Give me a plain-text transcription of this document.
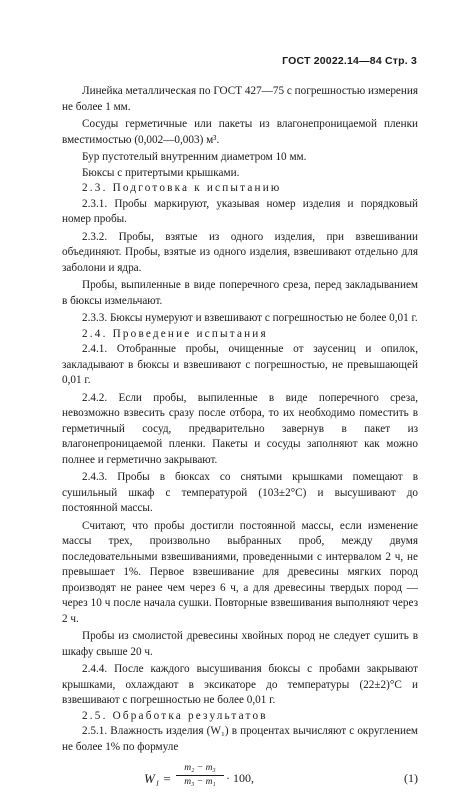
ГОСТ 20022.14—84 Стр. 3

Линейка металлическая по ГОСТ 427—75 с погрешностью измерения не более 1 мм.

Сосуды герметичные или пакеты из влагонепроницаемой пленки вместимостью (0,002—0,003) м³.

Бур пустотелый внутренним диаметром 10 мм.

Бюксы с притертыми крышками.

2.3. Подготовка к испытанию

2.3.1. Пробы маркируют, указывая номер изделия и порядковый номер пробы.

2.3.2. Пробы, взятые из одного изделия, при взвешивании объединяют. Пробы, взятые из одного изделия, взвешивают отдельно для заболони и ядра.

Пробы, выпиленные в виде поперечного среза, перед закладыванием в бюксы измельчают.

2.3.3. Бюксы нумеруют и взвешивают с погрешностью не более 0,01 г.

2.4. Проведение испытания

2.4.1. Отобранные пробы, очищенные от заусениц и опилок, закладывают в бюксы и взвешивают с погрешностью, не превышающей 0,01 г.

2.4.2. Если пробы, выпиленные в виде поперечного среза, невозможно взвесить сразу после отбора, то их необходимо поместить в герметичный сосуд, предварительно завернув в пакет из влагонепроницаемой пленки. Пакеты и сосуды заполняют как можно полнее и герметично закрывают.

2.4.3. Пробы в бюксах со снятыми крышками помещают в сушильный шкаф с температурой (103±2°С) и высушивают до постоянной массы.

Считают, что пробы достигли постоянной массы, если изменение массы трех, произвольно выбранных проб, между двумя последовательными взвешиваниями, проведенными с интервалом 2 ч, не превышает 1%. Первое взвешивание для древесины мягких пород производят не ранее чем через 6 ч, а для древесины твердых пород — через 10 ч после начала сушки. Повторные взвешивания выполняют через 2 ч.

Пробы из смолистой древесины хвойных пород не следует сушить в шкафу свыше 20 ч.

2.4.4. После каждого высушивания бюксы с пробами закрывают крышками, охлаждают в эксикаторе до температуры (22±2)°С и взвешивают с погрешностью не более 0,01 г.

2.5. Обработка результатов

2.5.1. Влажность изделия (W₁) в процентах вычисляют с округлением не более 1% по формуле

W₁ =
m₂ − m₃
m₃ − m₁ · 100,	(1)
